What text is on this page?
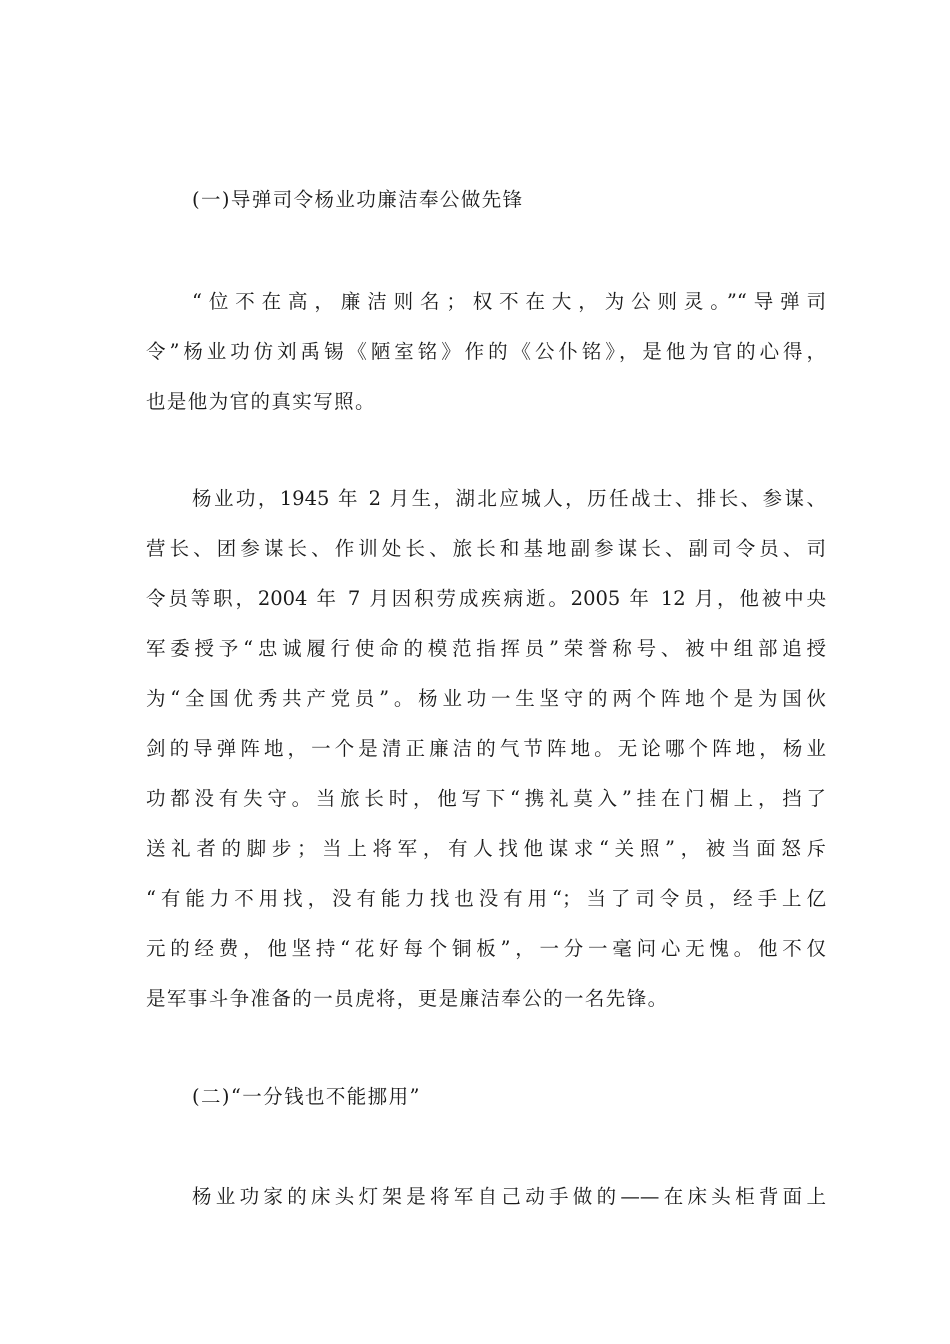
(一)导弹司令杨业功廉洁奉公做先锋
“位不在高，廉洁则名；权不在大，为公则灵。”“导弹司
令”杨业功仿刘禹锡《陋室铭》作的《公仆铭》，是他为官的心得，
也是他为官的真实写照。
杨业功，1945 年 2 月生，湖北应城人，历任战士、排长、参谋、
营长、团参谋长、作训处长、旅长和基地副参谋长、副司令员、司
令员等职，2004 年 7 月因积劳成疾病逝。2005 年 12 月，他被中央
军委授予“忠诚履行使命的模范指挥员”荣誉称号、被中组部追授
为“全国优秀共产党员”。杨业功一生坚守的两个阵地个是为国伙
剑的导弹阵地，一个是清正廉洁的气节阵地。无论哪个阵地，杨业
功都没有失守。当旅长时，他写下“携礼莫入”挂在门楣上，挡了
送礼者的脚步；当上将军，有人找他谋求“关照”，被当面怒斥
“有能力不用找，没有能力找也没有用“；当了司令员，经手上亿
元的经费，他坚持“花好每个铜板”，一分一毫问心无愧。他不仅
是军事斗争准备的一员虎将，更是廉洁奉公的一名先锋。
(二)“一分钱也不能挪用”
杨业功家的床头灯架是将军自己动手做的——在床头柜背面上
